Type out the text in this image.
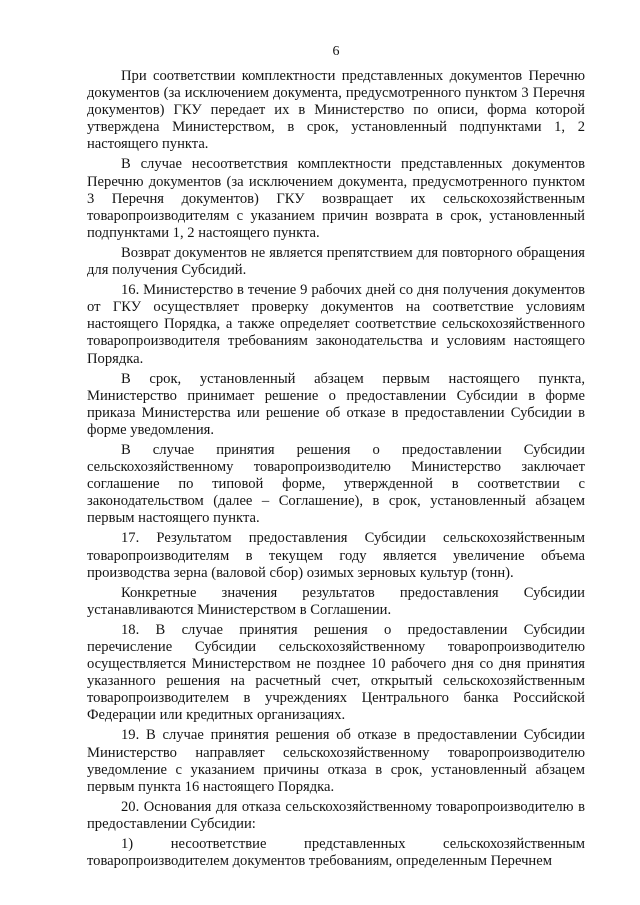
6

При соответствии комплектности представленных документов Перечню документов (за исключением документа, предусмотренного пунктом 3 Перечня документов) ГКУ передает их в Министерство по описи, форма которой утверждена Министерством, в срок, установленный подпунктами 1, 2 настоящего пункта.

В случае несоответствия комплектности представленных документов Перечню документов (за исключением документа, предусмотренного пунктом 3 Перечня документов) ГКУ возвращает их сельскохозяйственным товаропроизводителям с указанием причин возврата в срок, установленный подпунктами 1, 2 настоящего пункта.

Возврат документов не является препятствием для повторного обращения для получения Субсидий.

16. Министерство в течение 9 рабочих дней со дня получения документов от ГКУ осуществляет проверку документов на соответствие условиям настоящего Порядка, а также определяет соответствие сельскохозяйственного товаропроизводителя требованиям законодательства и условиям настоящего Порядка.

В срок, установленный абзацем первым настоящего пункта, Министерство принимает решение о предоставлении Субсидии в форме приказа Министерства или решение об отказе в предоставлении Субсидии в форме уведомления.

В случае принятия решения о предоставлении Субсидии сельскохозяйственному товаропроизводителю Министерство заключает соглашение по типовой форме, утвержденной в соответствии с законодательством (далее – Соглашение), в срок, установленный абзацем первым настоящего пункта.

17. Результатом предоставления Субсидии сельскохозяйственным товаропроизводителям в текущем году является увеличение объема производства зерна (валовой сбор) озимых зерновых культур (тонн).

Конкретные значения результатов предоставления Субсидии устанавливаются Министерством в Соглашении.

18. В случае принятия решения о предоставлении Субсидии перечисление Субсидии сельскохозяйственному товаропроизводителю осуществляется Министерством не позднее 10 рабочего дня со дня принятия указанного решения на расчетный счет, открытый сельскохозяйственным товаропроизводителем в учреждениях Центрального банка Российской Федерации или кредитных организациях.

19. В случае принятия решения об отказе в предоставлении Субсидии Министерство направляет сельскохозяйственному товаропроизводителю уведомление с указанием причины отказа в срок, установленный абзацем первым пункта 16 настоящего Порядка.

20. Основания для отказа сельскохозяйственному товаропроизводителю в предоставлении Субсидии:

1) несоответствие представленных сельскохозяйственным товаропроизводителем документов требованиям, определенным Перечнем
